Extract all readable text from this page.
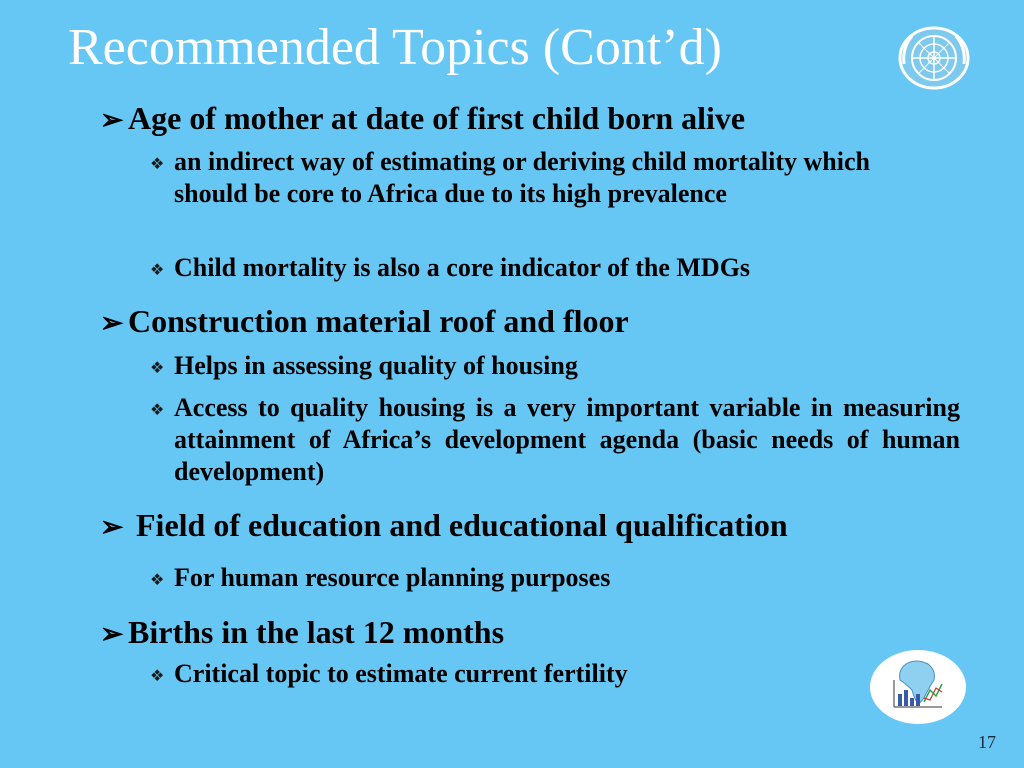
Recommended Topics (Cont’d)
➢ Age of mother at date of first child born alive
❖ an indirect way of estimating or deriving child mortality which should be core to Africa due to its high prevalence
❖ Child mortality is also a core indicator of the MDGs
➢ Construction material roof and floor
❖ Helps in assessing quality of housing
❖ Access to quality housing is a very important variable in measuring attainment of Africa’s development agenda (basic needs of human development)
➢ Field of education and educational qualification
❖ For human resource planning purposes
➢ Births in the last 12 months
❖ Critical topic to estimate current fertility
17
